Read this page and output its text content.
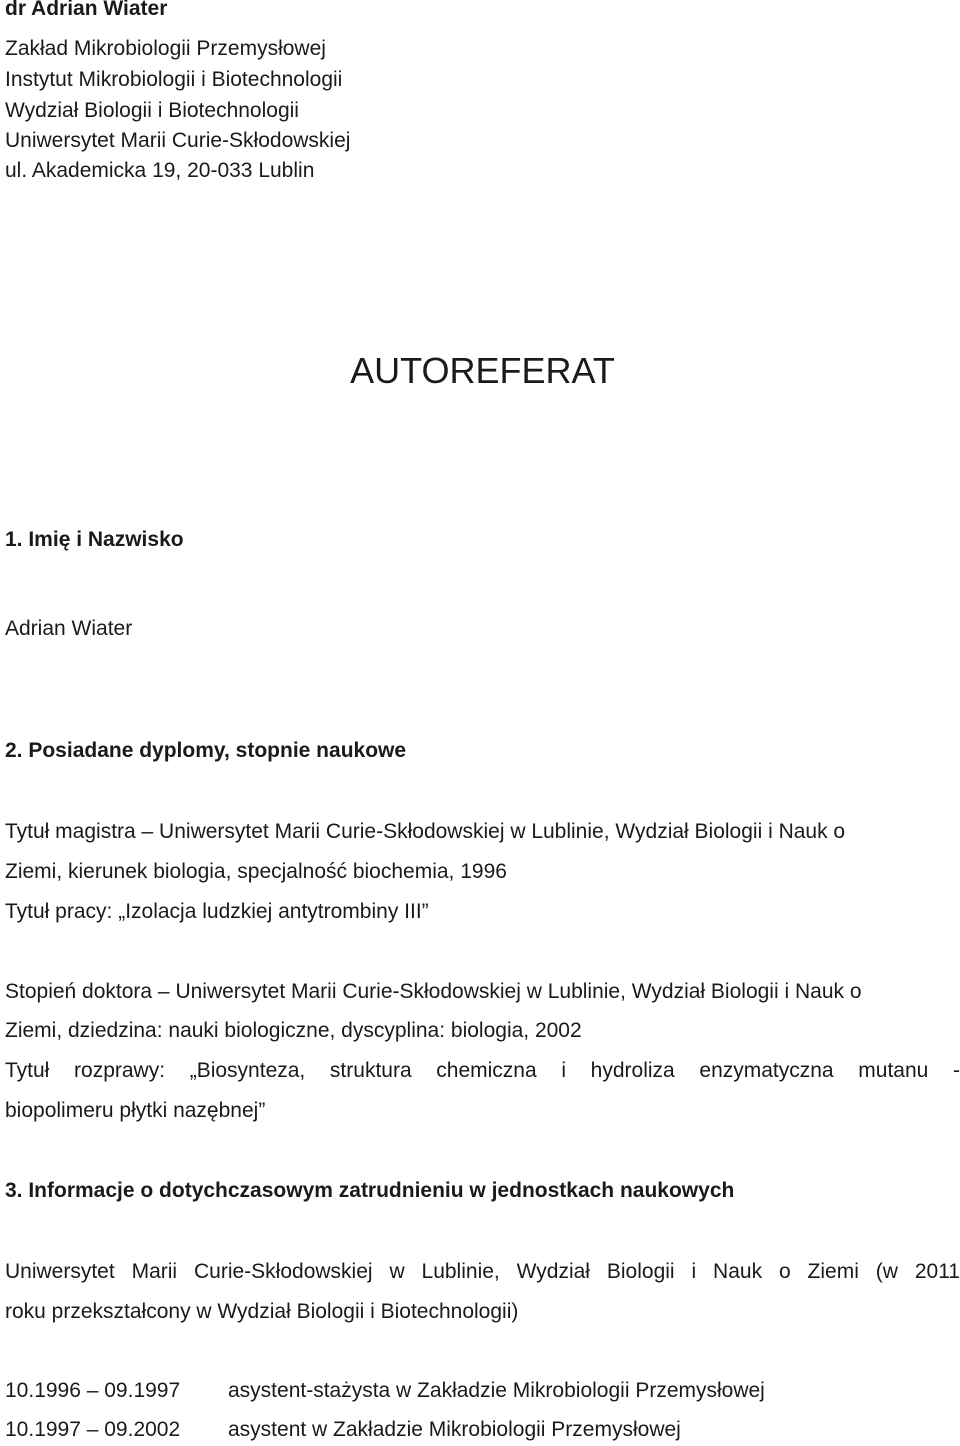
dr Adrian Wiater
Zakład Mikrobiologii Przemysłowej
Instytut Mikrobiologii i Biotechnologii
Wydział Biologii i Biotechnologii
Uniwersytet Marii Curie-Skłodowskiej
ul. Akademicka 19, 20-033 Lublin
AUTOREFERAT
1. Imię i Nazwisko
Adrian Wiater
2. Posiadane dyplomy, stopnie naukowe
Tytuł magistra – Uniwersytet Marii Curie-Skłodowskiej w Lublinie, Wydział Biologii i Nauk o
Ziemi, kierunek biologia, specjalność biochemia, 1996
Tytuł pracy: „Izolacja ludzkiej antytrombiny III”
Stopień doktora – Uniwersytet Marii Curie-Skłodowskiej w Lublinie, Wydział Biologii i Nauk o
Ziemi, dziedzina: nauki biologiczne, dyscyplina: biologia, 2002
Tytuł rozprawy: „Biosynteza, struktura chemiczna i hydroliza enzymatyczna mutanu -
biopolimeru płytki nazębnej”
3. Informacje o dotychczasowym zatrudnieniu w jednostkach naukowych
Uniwersytet Marii Curie-Skłodowskiej w Lublinie, Wydział Biologii i Nauk o Ziemi (w 2011
roku przekształcony w Wydział Biologii i Biotechnologii)
10.1996 – 09.1997 asystent-stażysta w Zakładzie Mikrobiologii Przemysłowej
10.1997 – 09.2002 asystent w Zakładzie Mikrobiologii Przemysłowej
